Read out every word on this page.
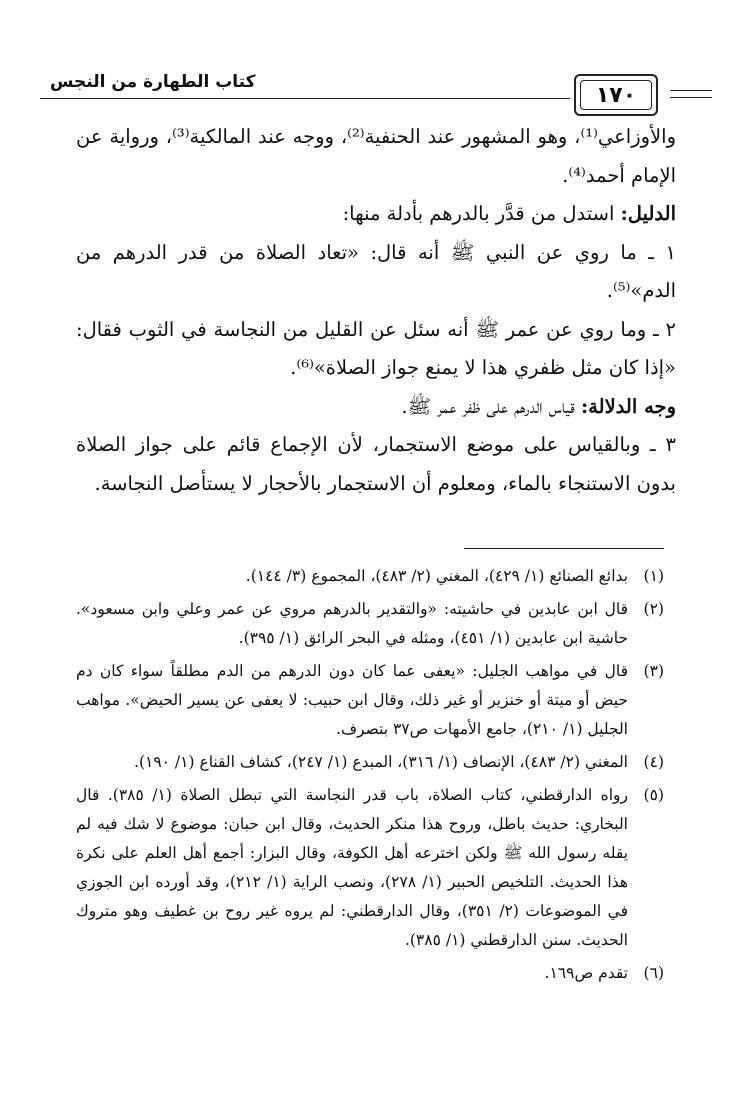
كتاب الطهارة من النجس
١٧٠

والأوزاعي⁽¹⁾، وهو المشهور عند الحنفية⁽²⁾، ووجه عند المالكية⁽³⁾، ورواية عن الإمام أحمد⁽⁴⁾.

الدليل: استدل من قدَّر بالدرهم بأدلة منها:

١ ـ ما روي عن النبي ﷺ أنه قال: «تعاد الصلاة من قدر الدرهم من الدم»⁽⁵⁾.

٢ ـ وما روي عن عمر ﷺ أنه سئل عن القليل من النجاسة في الثوب فقال: «إذا كان مثل ظفري هذا لا يمنع جواز الصلاة»⁽⁶⁾.

وجه الدلالة: قياس الدرهم على ظفر عمر ﷺ.

٣ ـ وبالقياس على موضع الاستجمار، لأن الإجماع قائم على جواز الصلاة بدون الاستنجاء بالماء، ومعلوم أن الاستجمار بالأحجار لا يستأصل النجاسة.

(١)
بدائع الصنائع (١/ ٤٢٩)، المغني (٢/ ٤٨٣)، المجموع (٣/ ١٤٤).
(٢)
قال ابن عابدين في حاشيته: «والتقدير بالدرهم مروي عن عمر وعلي وابن مسعود». حاشية ابن عابدين (١/ ٤٥١)، ومثله في البحر الرائق (١/ ٣٩٥).
(٣)
قال في مواهب الجليل: «يعفى عما كان دون الدرهم من الدم مطلقاً سواء كان دم حيض أو ميتة أو خنزير أو غير ذلك، وقال ابن حبيب: لا يعفى عن يسير الحيض». مواهب الجليل (١/ ٢١٠)، جامع الأمهات ص٣٧ بتصرف.
(٤)
المغني (٢/ ٤٨٣)، الإنصاف (١/ ٣١٦)، المبدع (١/ ٢٤٧)، كشاف القناع (١/ ١٩٠).
(٥)
رواه الدارقطني، كتاب الصلاة، باب قدر النجاسة التي تبطل الصلاة (١/ ٣٨٥). قال البخاري: حديث باطل، وروح هذا منكر الحديث، وقال ابن حبان: موضوع لا شك فيه لم يقله رسول الله ﷺ ولكن اخترعه أهل الكوفة، وقال البزار: أجمع أهل العلم على نكرة هذا الحديث. التلخيص الحبير (١/ ٢٧٨)، ونصب الراية (١/ ٢١٢)، وقد أورده ابن الجوزي في الموضوعات (٢/ ٣٥١)، وقال الدارقطني: لم يروه غير روح بن غطيف وهو متروك الحديث. سنن الدارقطني (١/ ٣٨٥).
(٦)
تقدم ص١٦٩.
